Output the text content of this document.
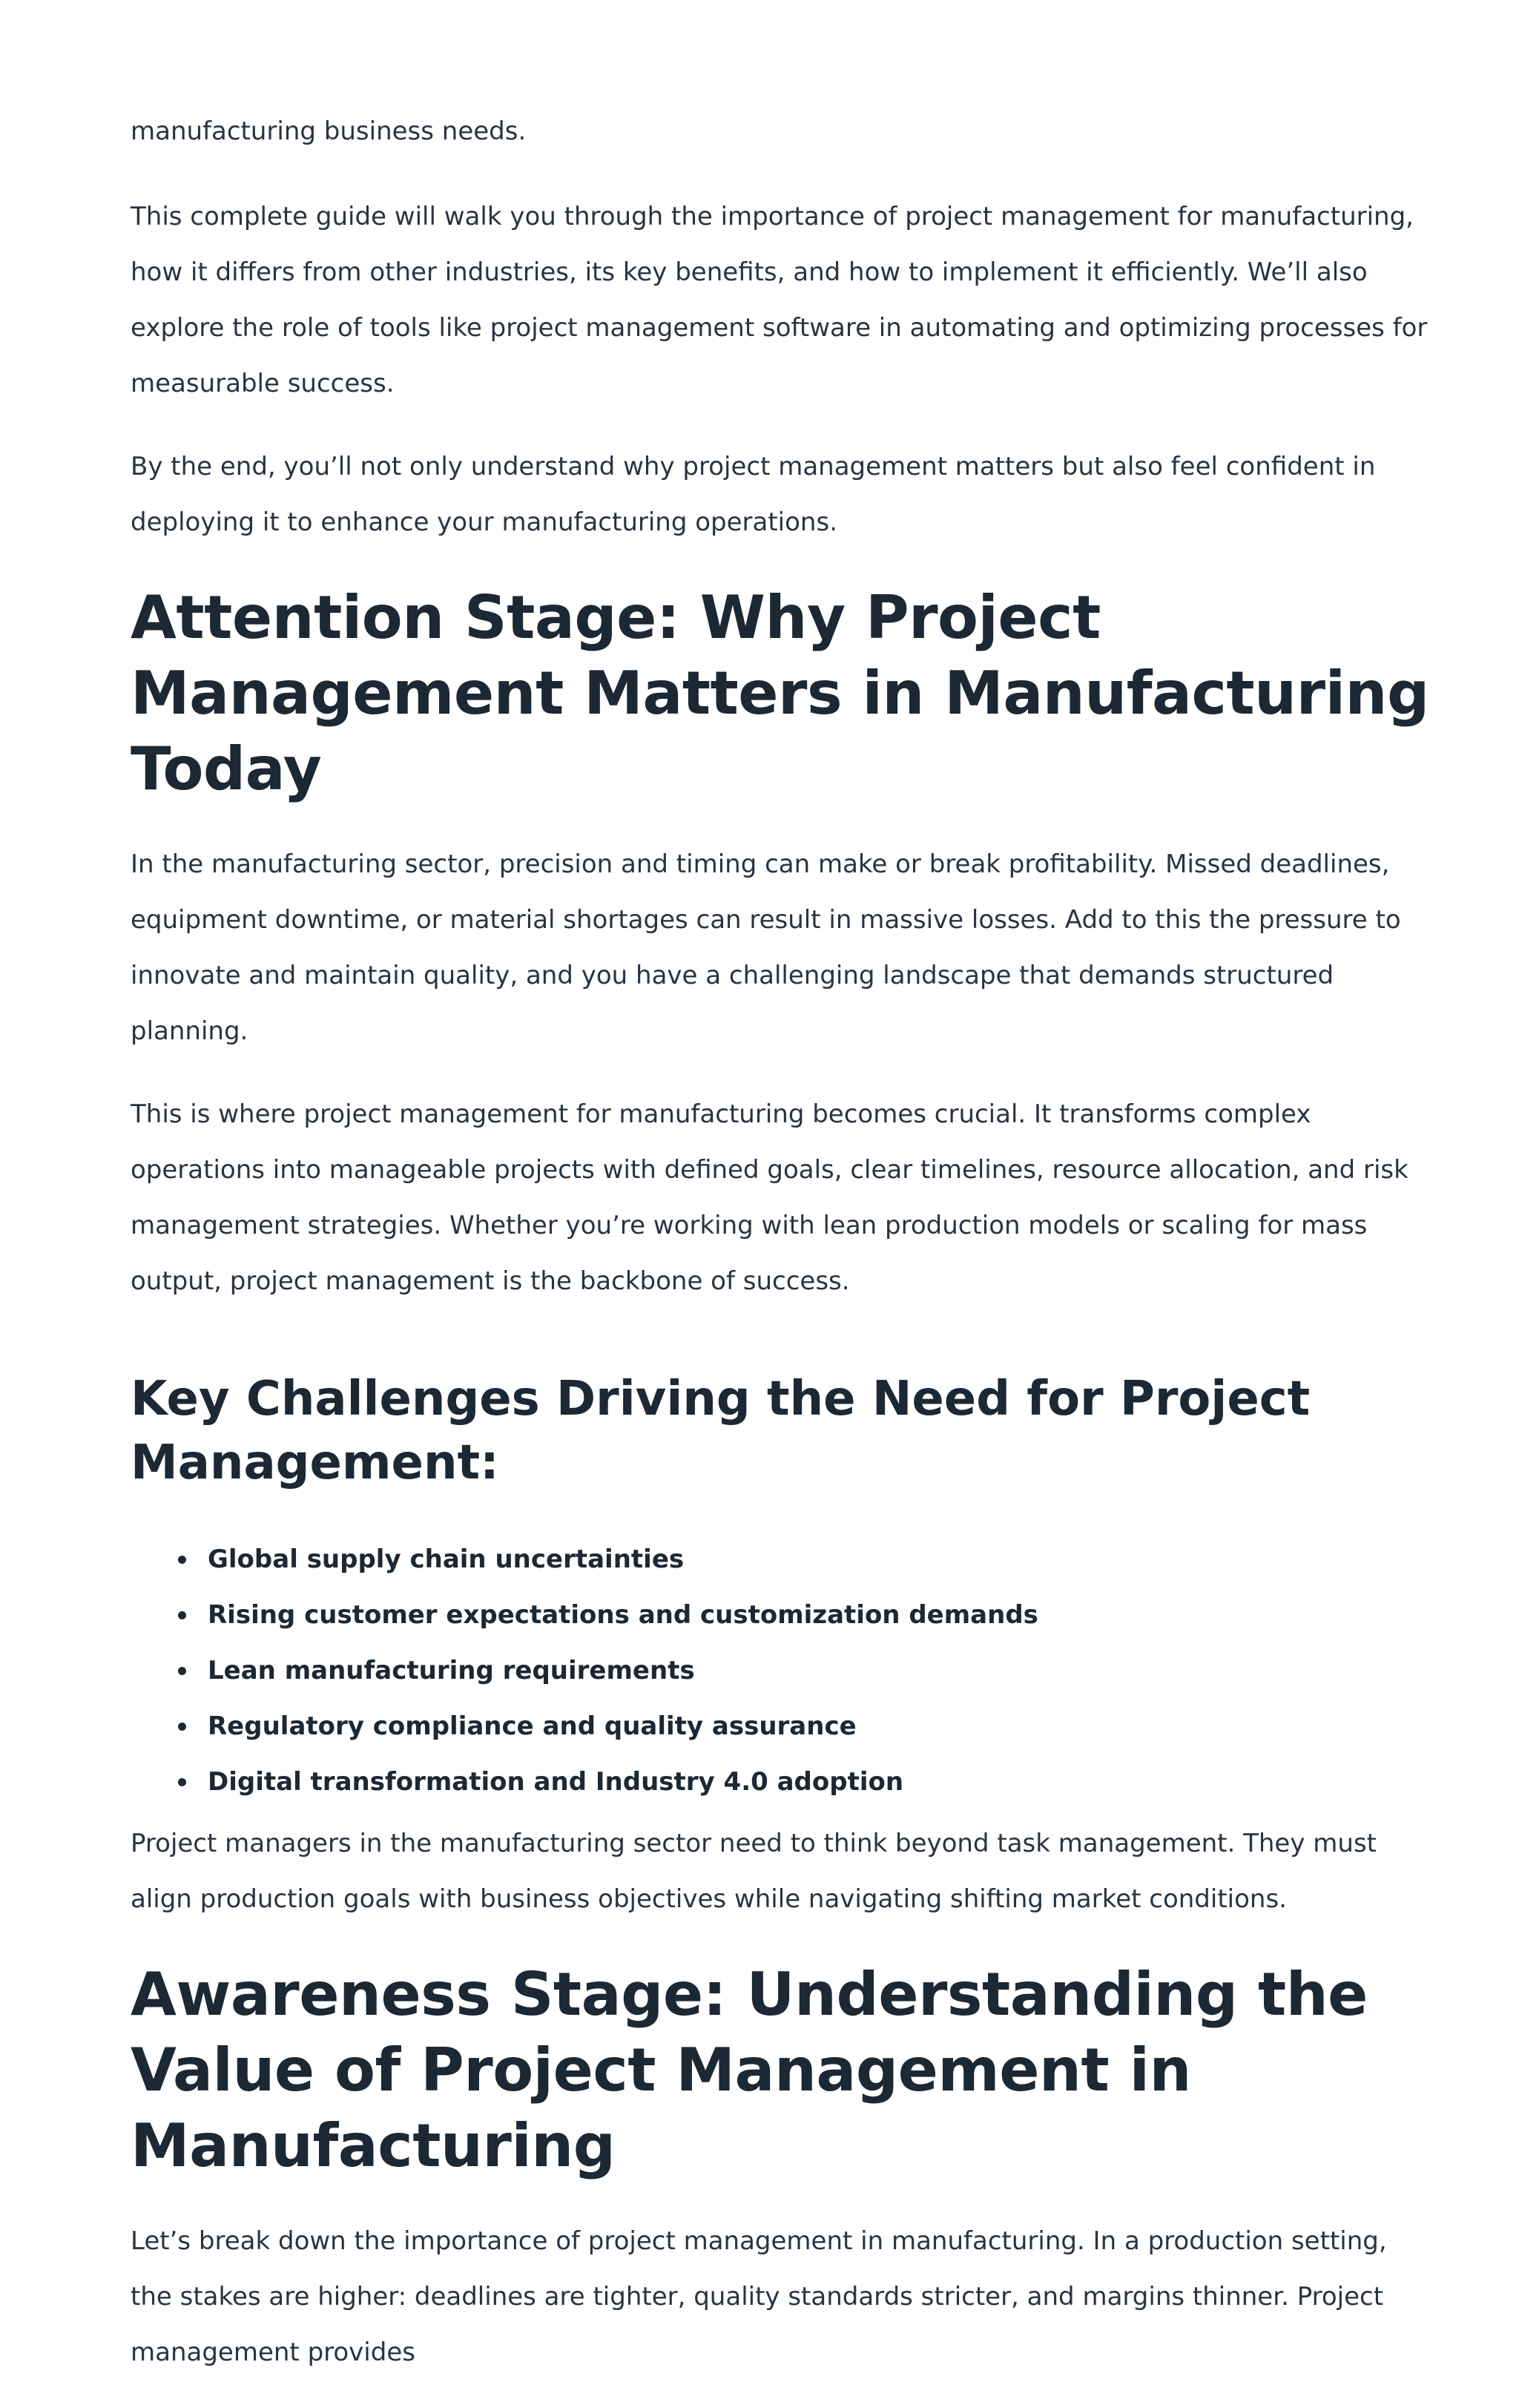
manufacturing business needs.

This complete guide will walk you through the importance of project management for manufacturing, how it differs from other industries, its key benefits, and how to implement it efficiently. We’ll also explore the role of tools like project management software in automating and optimizing processes for measurable success.

By the end, you’ll not only understand why project management matters but also feel confident in deploying it to enhance your manufacturing operations.

Attention Stage: Why Project Management Matters in Manufacturing Today

In the manufacturing sector, precision and timing can make or break profitability. Missed deadlines, equipment downtime, or material shortages can result in massive losses. Add to this the pressure to innovate and maintain quality, and you have a challenging landscape that demands structured planning.

This is where project management for manufacturing becomes crucial. It transforms complex operations into manageable projects with defined goals, clear timelines, resource allocation, and risk management strategies. Whether you’re working with lean production models or scaling for mass output, project management is the backbone of success.

Key Challenges Driving the Need for Project Management:
Global supply chain uncertainties
Rising customer expectations and customization demands
Lean manufacturing requirements
Regulatory compliance and quality assurance
Digital transformation and Industry 4.0 adoption

Project managers in the manufacturing sector need to think beyond task management. They must align production goals with business objectives while navigating shifting market conditions.

Awareness Stage: Understanding the Value of Project Management in Manufacturing

Let’s break down the importance of project management in manufacturing. In a production setting, the stakes are higher: deadlines are tighter, quality standards stricter, and margins thinner. Project management provides
